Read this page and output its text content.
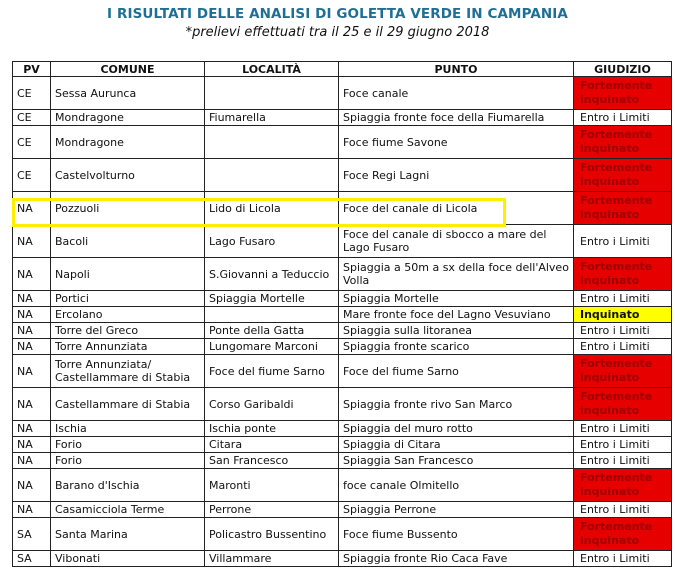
I RISULTATI DELLE ANALISI DI GOLETTA VERDE IN CAMPANIA
*prelievi effettuati tra il 25 e il 29 giugno 2018
PV	COMUNE	LOCALITÀ	PUNTO	GIUDIZIO
CE	Sessa Aurunca		Foce canale	Fortemente inquinato
CE	Mondragone	Fiumarella	Spiaggia fronte foce della Fiumarella	Entro i Limiti
CE	Mondragone		Foce fiume Savone	Fortemente inquinato
CE	Castelvolturno		Foce Regi Lagni	Fortemente inquinato
NA	Pozzuoli	Lido di Licola	Foce del canale di Licola	Fortemente inquinato
NA	Bacoli	Lago Fusaro	Foce del canale di sbocco a mare del Lago Fusaro	Entro i Limiti
NA	Napoli	S.Giovanni a Teduccio	Spiaggia a 50m a sx della foce dell'Alveo Volla	Fortemente inquinato
NA	Portici	Spiaggia Mortelle	Spiaggia Mortelle	Entro i Limiti
NA	Ercolano		Mare fronte foce del Lagno Vesuviano	Inquinato
NA	Torre del Greco	Ponte della Gatta	Spiaggia sulla litoranea	Entro i Limiti
NA	Torre Annunziata	Lungomare Marconi	Spiaggia fronte scarico	Entro i Limiti
NA	Torre Annunziata/ Castellammare di Stabia	Foce del fiume Sarno	Foce del fiume Sarno	Fortemente inquinato
NA	Castellammare di Stabia	Corso Garibaldi	Spiaggia fronte rivo San Marco	Fortemente inquinato
NA	Ischia	Ischia ponte	Spiaggia del muro rotto	Entro i Limiti
NA	Forio	Citara	Spiaggia di Citara	Entro i Limiti
NA	Forio	San Francesco	Spiaggia San Francesco	Entro i Limiti
NA	Barano d'Ischia	Maronti	foce canale Olmitello	Fortemente inquinato
NA	Casamicciola Terme	Perrone	Spiaggia Perrone	Entro i Limiti
SA	Santa Marina	Policastro Bussentino	Foce fiume Bussento	Fortemente inquinato
SA	Vibonati	Villammare	Spiaggia fronte Rio Caca Fave	Entro i Limiti
